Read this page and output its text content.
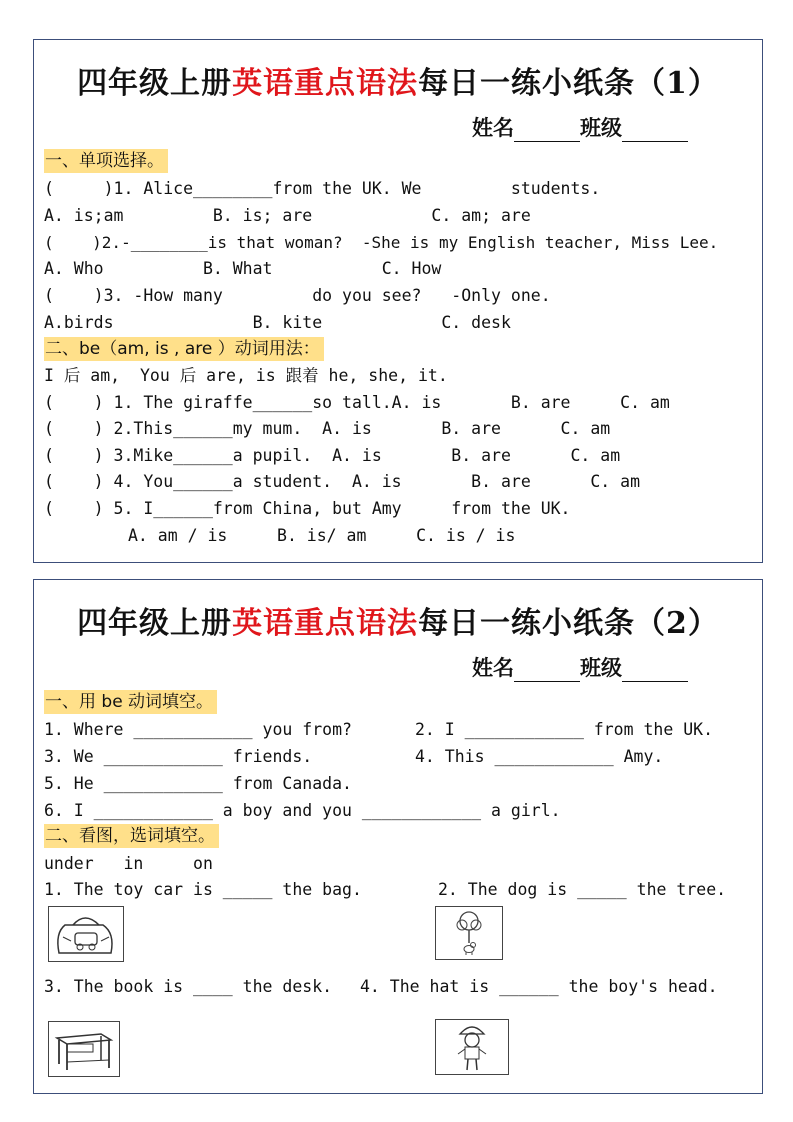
四年级上册英语重点语法每日一练小纸条（1）
姓名	班级
一、单项选择。
(     )1. Alice________from the UK. We         students.
A. is;am         B. is; are            C. am; are
(    )2.-________is that woman?  -She is my English teacher, Miss Lee.
A. Who          B. What           C. How
(    )3. -How many         do you see?   -Only one.
A.birds              B. kite            C. desk
二、be（am, is , are ）动词用法：
I 后 am,  You 后 are, is 跟着 he, she, it.
(    ) 1. The giraffe______so tall.A. is       B. are     C. am
(    ) 2.This______my mum.  A. is       B. are      C. am
(    ) 3.Mike______a pupil.  A. is       B. are      C. am
(    ) 4. You______a student.  A. is       B. are      C. am
(    ) 5. I______from China, but Amy     from the UK.
A. am / is     B. is/ am     C. is / is
四年级上册英语重点语法每日一练小纸条（2）
姓名	班级
一、用 be 动词填空。
1. Where ____________ you from?	2. I ____________ from the UK.
3. We ____________ friends.	4. This ____________ Amy.
5. He ____________ from Canada.
6. I ____________ a boy and you ____________ a girl.
二、看图，选词填空。
under   in     on
1. The toy car is _____ the bag.	2. The dog is _____ the tree.
3. The book is ____ the desk. 4. The hat is ______ the boy's head.
